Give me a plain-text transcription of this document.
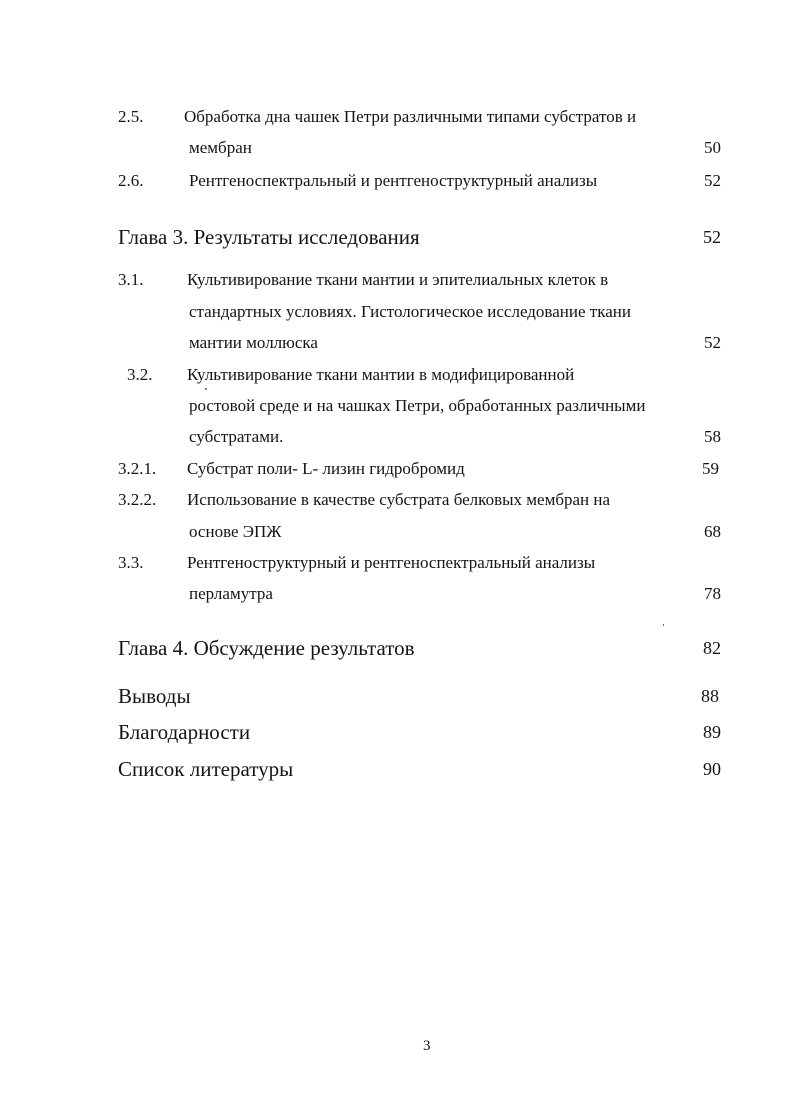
2.5. Обработка дна чашек Петри различными типами субстратов и
мембран	50
2.6.	Рентгеноспектральный и рентгеноструктурный анализы	52
Глава 3. Результаты исследования	52
3.1.	Культивирование ткани мантии и эпителиальных клеток в
стандартных условиях. Гистологическое исследование ткани
мантии моллюска	52
3.2. Культивирование ткани мантии в модифицированной
ростовой среде и на чашках Петри, обработанных различными
субстратами.	58
3.2.1. Субстрат поли- L- лизин гидробромид	59
3.2.2. Использование в качестве субстрата белковых мембран на
основе ЭПЖ	68
3.3.	Рентгеноструктурный и рентгеноспектральный анализы
перламутра	78
Глава 4. Обсуждение результатов	82
Выводы	88
Благодарности	89
Список литературы	90
3
